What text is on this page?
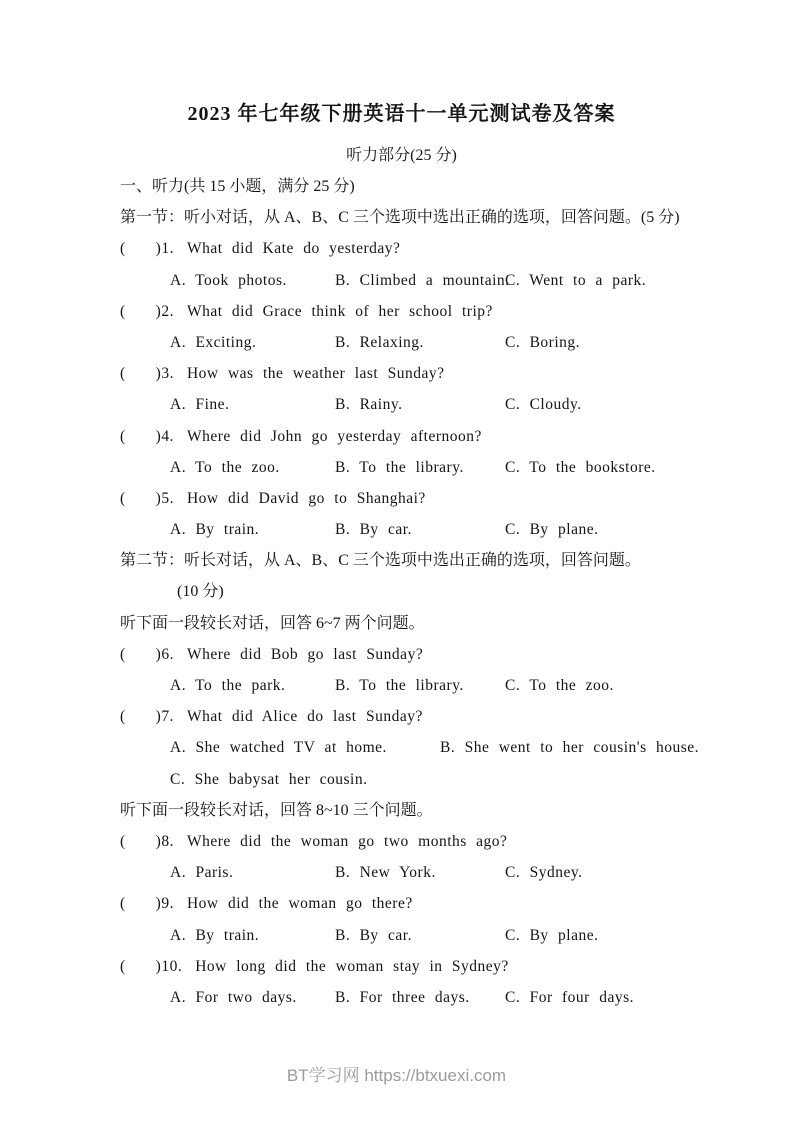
2023 年七年级下册英语十一单元测试卷及答案
听力部分(25 分)
一、听力(共 15 小题，满分 25 分)
第一节：听小对话，从 A、B、C 三个选项中选出正确的选项，回答问题。(5 分)
( )1. What did Kate do yesterday?
A. Took photos.	B. Climbed a mountain.C. Went to a park.
( )2. What did Grace think of her school trip?
A. Exciting.	B. Relaxing.	C. Boring.
( )3. How was the weather last Sunday?
A. Fine.	B. Rainy.	C. Cloudy.
( )4. Where did John go yesterday afternoon?
A. To the zoo.	B. To the library.	C. To the bookstore.
( )5. How did David go to Shanghai?
A. By train.	B. By car.	C. By plane.
第二节：听长对话，从 A、B、C 三个选项中选出正确的选项，回答问题。
(10 分)
听下面一段较长对话，回答 6~7 两个问题。
( )6. Where did Bob go last Sunday?
A. To the park.	B. To the library.	C. To the zoo.
( )7. What did Alice do last Sunday?
A. She watched TV at home.	B. She went to her cousin's house.
C. She babysat her cousin.
听下面一段较长对话，回答 8~10 三个问题。
( )8. Where did the woman go two months ago?
A. Paris.	B. New York.	C. Sydney.
( )9. How did the woman go there?
A. By train.	B. By car.	C. By plane.
( )10. How long did the woman stay in Sydney?
A. For two days. B. For three days. C. For four days.
BT学习网 https://btxuexi.com
